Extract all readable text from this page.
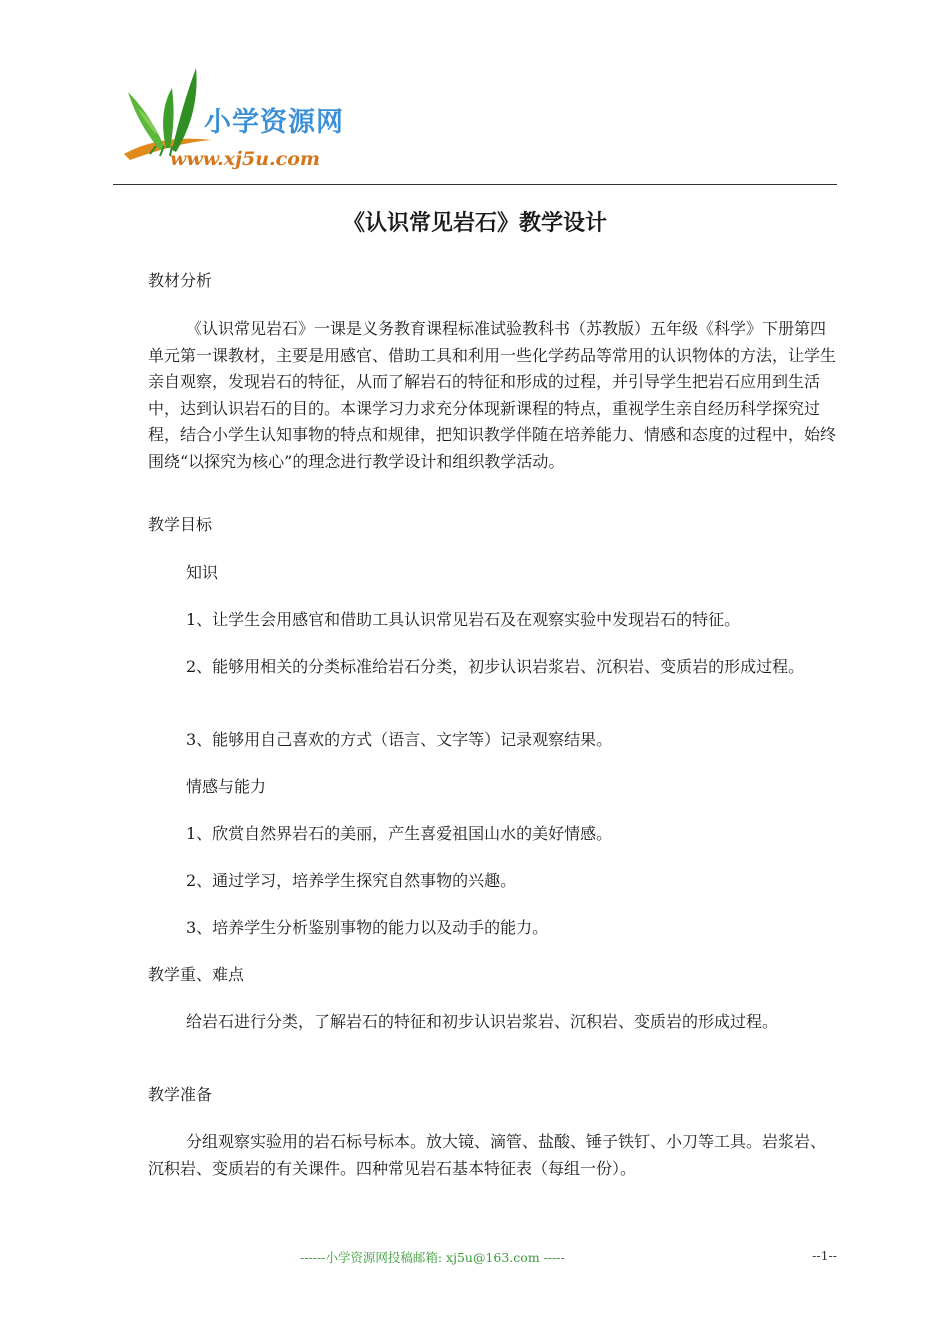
小学资源网
www.xj5u.com
《认识常见岩石》教学设计

教材分析

《认识常见岩石》一课是义务教育课程标准试验教科书（苏教版）五年级《科学》下册第四单元第一课教材，主要是用感官、借助工具和利用一些化学药品等常用的认识物体的方法，让学生亲自观察，发现岩石的特征，从而了解岩石的特征和形成的过程，并引导学生把岩石应用到生活中，达到认识岩石的目的。本课学习力求充分体现新课程的特点，重视学生亲自经历科学探究过程，结合小学生认知事物的特点和规律，把知识教学伴随在培养能力、情感和态度的过程中，始终围绕“以探究为核心”的理念进行教学设计和组织教学活动。

教学目标

知识

1、让学生会用感官和借助工具认识常见岩石及在观察实验中发现岩石的特征。

2、能够用相关的分类标准给岩石分类，初步认识岩浆岩、沉积岩、变质岩的形成过程。

3、能够用自己喜欢的方式（语言、文字等）记录观察结果。

情感与能力

1、欣赏自然界岩石的美丽，产生喜爱祖国山水的美好情感。

2、通过学习，培养学生探究自然事物的兴趣。

3、培养学生分析鉴别事物的能力以及动手的能力。

教学重、难点

给岩石进行分类，了解岩石的特征和初步认识岩浆岩、沉积岩、变质岩的形成过程。

教学准备

分组观察实验用的岩石标号标本。放大镜、滴管、盐酸、锤子铁钉、小刀等工具。岩浆岩、沉积岩、变质岩的有关课件。四种常见岩石基本特征表（每组一份）。

------小学资源网投稿邮箱: xj5u@163.com -----	--1--
